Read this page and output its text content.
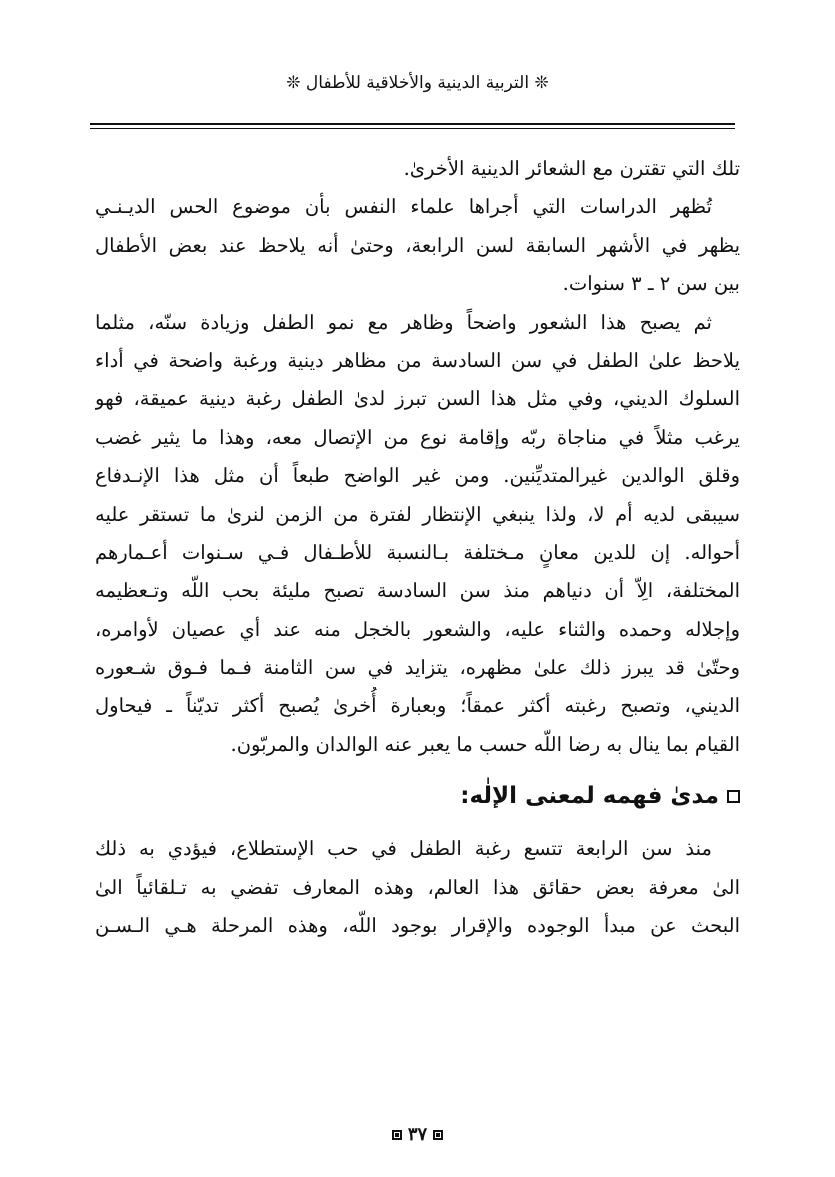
❊ التربية الدينية والأخلاقية للأطفال ❊
تلك التي تقترن مع الشعائر الدينية الأخرىٰ.
تُظهر الدراسات التي أجراها علماء النفس بأن موضوع الحس الديـنـي
يظهر في الأشهر السابقة لسن الرابعة، وحتىٰ أنه يلاحظ عند بعض الأطفال
بين سن ٢ ـ ٣ سنوات.
ثم يصبح هذا الشعور واضحاً وظاهر مع نمو الطفل وزيادة سنّه، مثلما
يلاحظ علىٰ الطفل في سن السادسة من مظاهر دينية ورغبة واضحة في أداء
السلوك الديني، وفي مثل هذا السن تبرز لدىٰ الطفل رغبة دينية عميقة، فهو
يرغب مثلاً في مناجاة ربّه وإقامة نوع من الإتصال معه، وهذا ما يثير غضب
وقلق الوالدين غيرالمتديِّنين. ومن غير الواضح طبعاً أن مثل هذا الإنـدفاع
سيبقى لديه أم لا، ولذا ينبغي الإنتظار لفترة من الزمن لنرىٰ ما تستقر عليه
أحواله. إن للدين معانٍ مـختلفة بـالنسبة للأطـفال فـي سـنوات أعـمارهم
المختلفة، الِاّ أن دنياهم منذ سن السادسة تصبح مليئة بحب اللّه وتـعظيمه
وإجلاله وحمده والثناء عليه، والشعور بالخجل منه عند أي عصيان لأوامره،
وحتّىٰ قد يبرز ذلك علىٰ مظهره، يتزايد في سن الثامنة فـما فـوق شـعوره
الديني، وتصبح رغبته أكثر عمقاً؛ وبعبارة أُخرىٰ يُصبح أكثر تديّناً ـ فيحاول
القيام بما ينال به رضا اللّه حسب ما يعبر عنه الوالدان والمربّون.
مدىٰ فهمه لمعنى الإلٰه:
منذ سن الرابعة تتسع رغبة الطفل في حب الإستطلاع، فيؤدي به ذلك
الىٰ معرفة بعض حقائق هذا العالم، وهذه المعارف تفضي به تـلقائياً الىٰ
البحث عن مبدأ الوجوده والإقرار بوجود اللّه، وهذه المرحلة هـي الـسـن
٣٧
